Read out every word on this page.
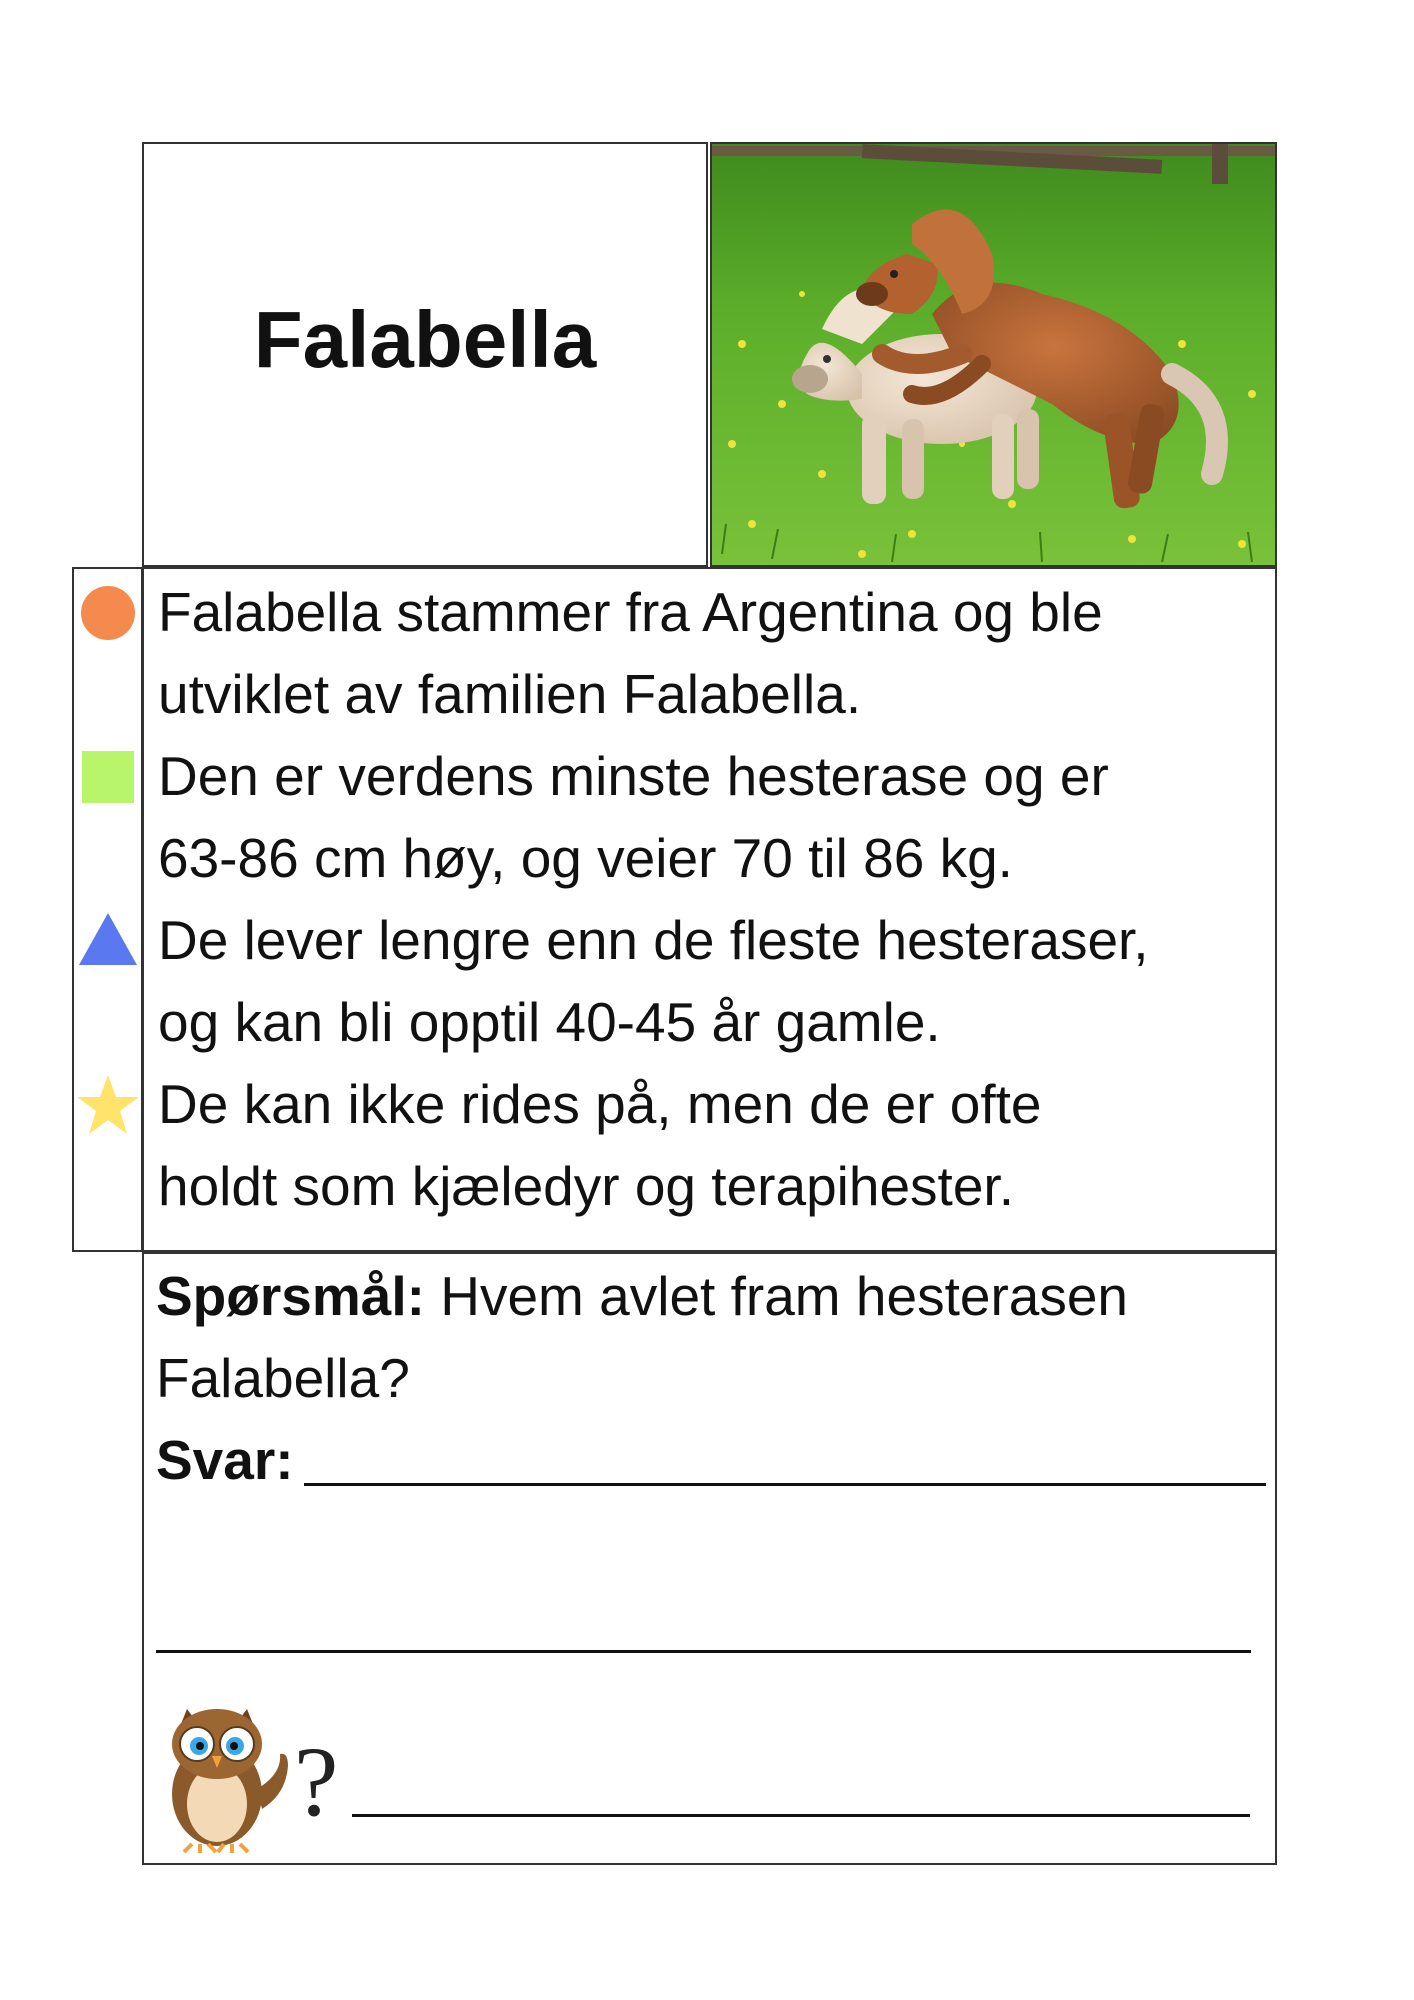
Falabella
Falabella stammer fra Argentina og ble
utviklet av familien Falabella.
Den er verdens minste hesterase og er
63-86 cm høy, og veier 70 til 86 kg.
De lever lengre enn de fleste hesteraser,
og kan bli opptil 40-45 år gamle.
De kan ikke rides på, men de er ofte
holdt som kjæledyr og terapihester.
Spørsmål: Hvem avlet fram hesterasen
Falabella?
Svar:
?
